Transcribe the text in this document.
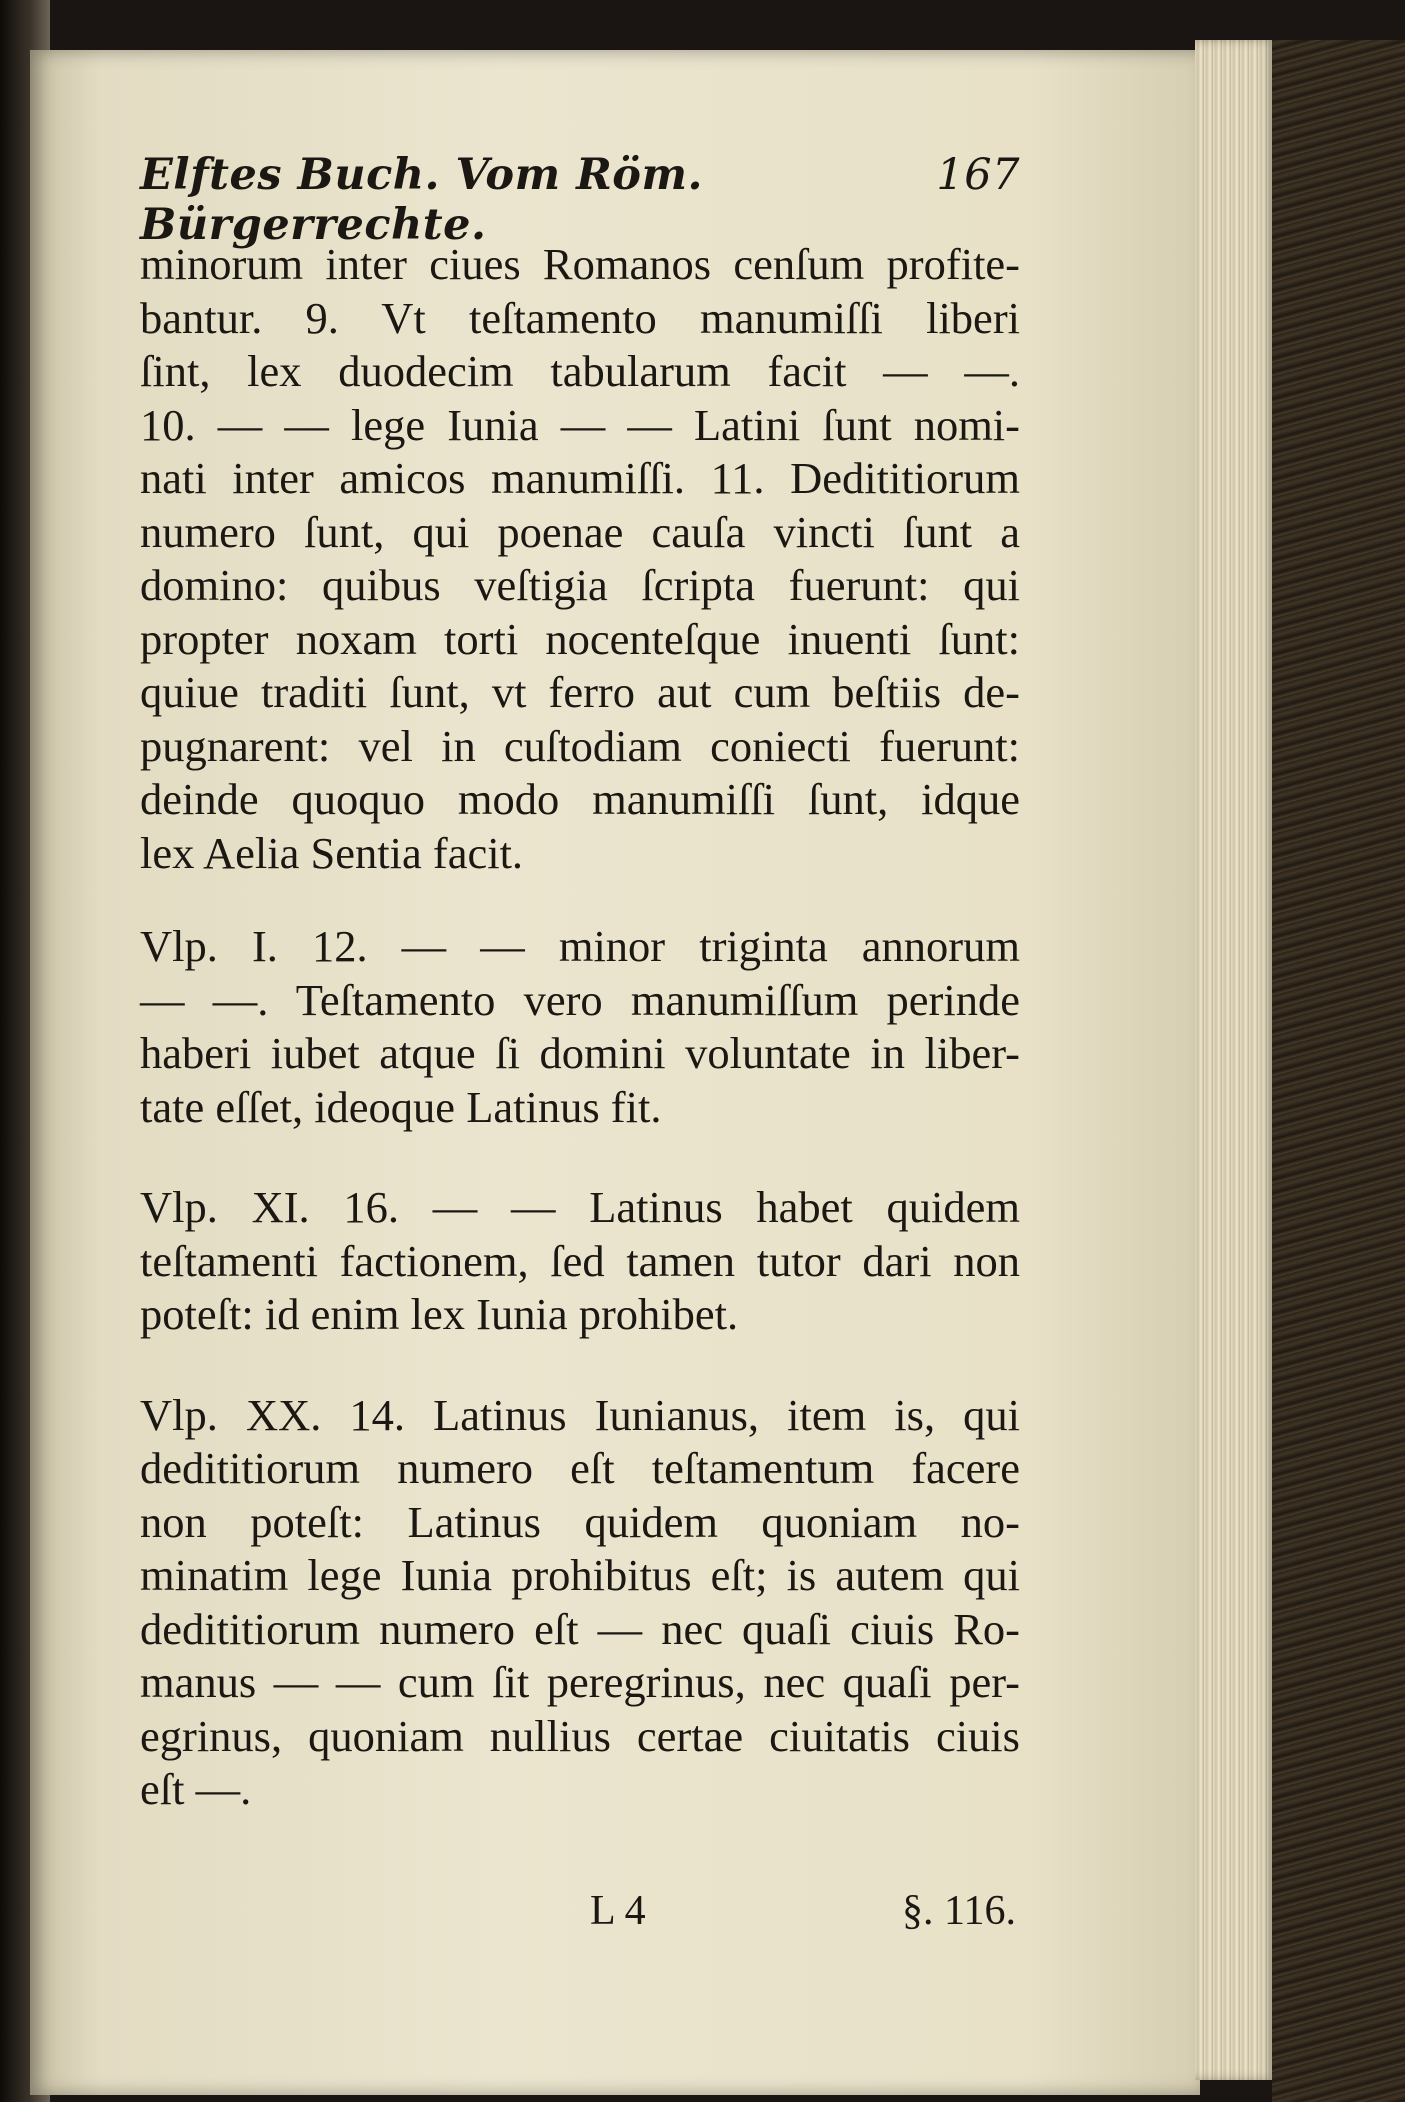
Elftes Buch. Vom Röm. Bürgerrechte.
167
minorum inter ciues Romanos cenſum profite-
bantur. 9. Vt teſtamento manumiſſi liberi
ſint, lex duodecim tabularum facit — —.
10. — — lege Iunia — — Latini ſunt nomi-
nati inter amicos manumiſſi. 11. Dedititiorum
numero ſunt, qui poenae cauſa vincti ſunt a
domino: quibus veſtigia ſcripta fuerunt: qui
propter noxam torti nocenteſque inuenti ſunt:
quiue traditi ſunt, vt ferro aut cum beſtiis de-
pugnarent: vel in cuſtodiam coniecti fuerunt:
deinde quoquo modo manumiſſi ſunt, idque
lex Aelia Sentia facit.
Vlp. I. 12. — — minor triginta annorum
— —. Teſtamento vero manumiſſum perinde
haberi iubet atque ſi domini voluntate in liber-
tate eſſet, ideoque Latinus fit.
Vlp. XI. 16. — — Latinus habet quidem
teſtamenti factionem, ſed tamen tutor dari non
poteſt: id enim lex Iunia prohibet.
Vlp. XX. 14. Latinus Iunianus, item is, qui
dedititiorum numero eſt teſtamentum facere
non poteſt: Latinus quidem quoniam no-
minatim lege Iunia prohibitus eſt; is autem qui
dedititiorum numero eſt — nec quaſi ciuis Ro-
manus — — cum ſit peregrinus, nec quaſi per-
egrinus, quoniam nullius certae ciuitatis ciuis
eſt —.
L 4	§. 116.
